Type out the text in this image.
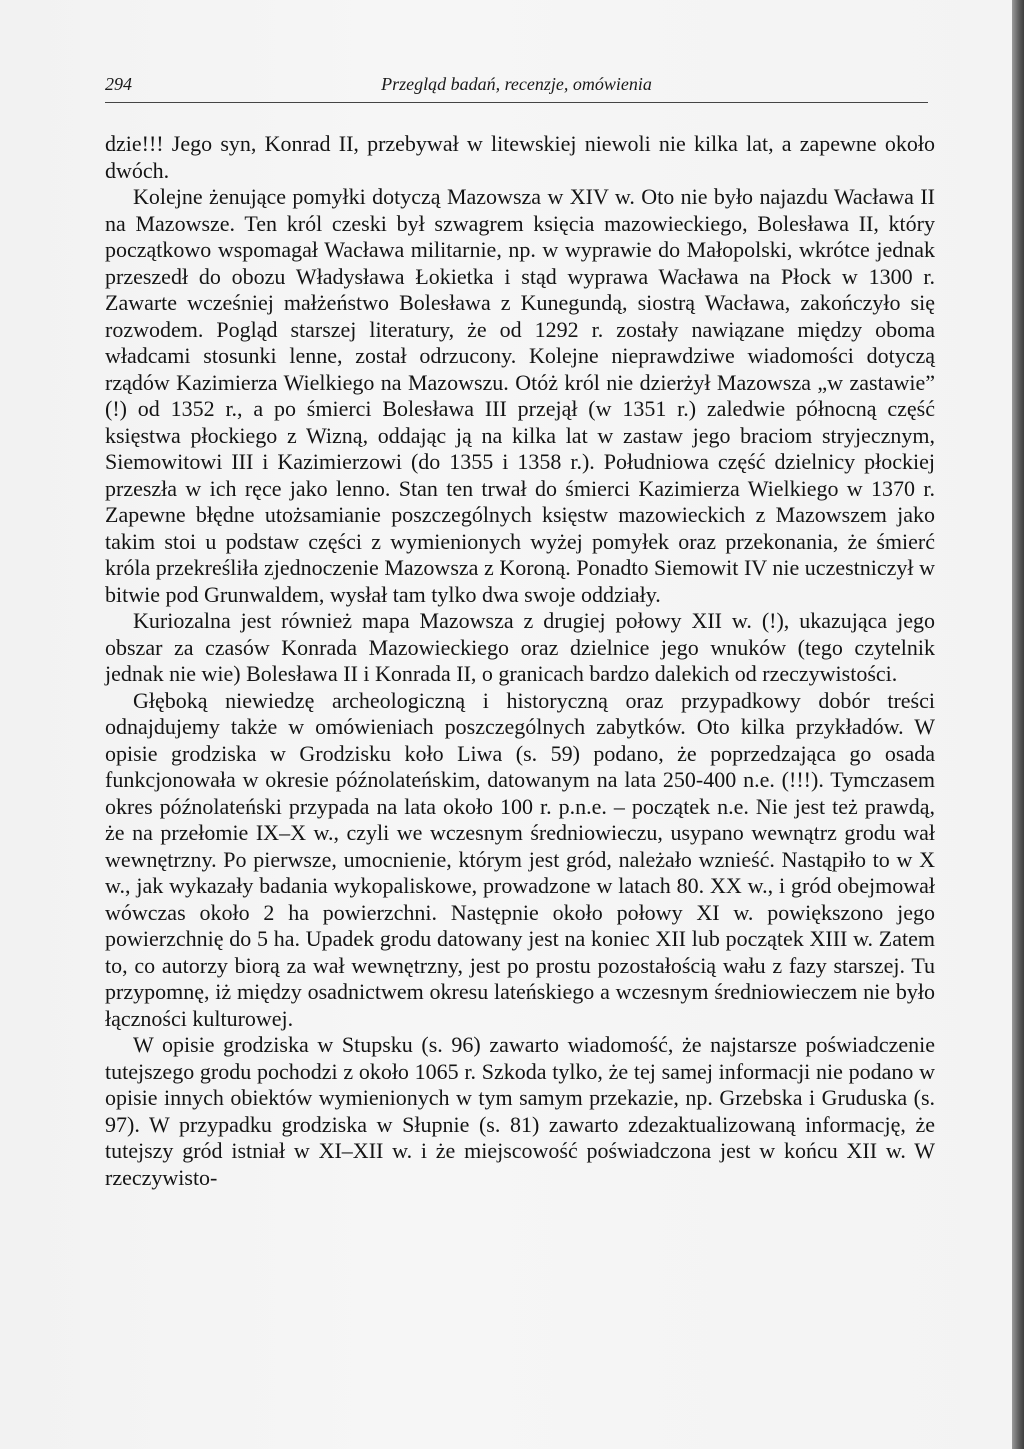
294	Przegląd badań, recenzje, omówienia

dzie!!! Jego syn, Konrad II, przebywał w litewskiej niewoli nie kilka lat, a zapewne około dwóch.

Kolejne żenujące pomyłki dotyczą Mazowsza w XIV w. Oto nie było najazdu Wacława II na Mazowsze. Ten król czeski był szwagrem księcia mazowieckiego, Bolesława II, który początkowo wspomagał Wacława militarnie, np. w wyprawie do Małopolski, wkrótce jednak przeszedł do obozu Władysława Łokietka i stąd wyprawa Wacława na Płock w 1300 r. Zawarte wcześniej małżeństwo Bolesława z Kunegundą, siostrą Wacława, zakończyło się rozwodem. Pogląd starszej literatury, że od 1292 r. zostały nawiązane między oboma władcami stosunki lenne, został odrzucony. Kolejne nieprawdziwe wiadomości dotyczą rządów Kazimierza Wielkiego na Mazowszu. Otóż król nie dzierżył Mazowsza „w zastawie” (!) od 1352 r., a po śmierci Bolesława III przejął (w 1351 r.) zaledwie północną część księstwa płockiego z Wizną, oddając ją na kilka lat w zastaw jego braciom stryjecznym, Siemowitowi III i Kazimierzowi (do 1355 i 1358 r.). Południowa część dzielnicy płockiej przeszła w ich ręce jako lenno. Stan ten trwał do śmierci Kazimierza Wielkiego w 1370 r. Zapewne błędne utożsamianie poszczególnych księstw mazowieckich z Mazowszem jako takim stoi u podstaw części z wymienionych wyżej pomyłek oraz przekonania, że śmierć króla przekreśliła zjednoczenie Mazowsza z Koroną. Ponadto Siemowit IV nie uczestniczył w bitwie pod Grunwaldem, wysłał tam tylko dwa swoje oddziały.

Kuriozalna jest również mapa Mazowsza z drugiej połowy XII w. (!), ukazująca jego obszar za czasów Konrada Mazowieckiego oraz dzielnice jego wnuków (tego czytelnik jednak nie wie) Bolesława II i Konrada II, o granicach bardzo dalekich od rzeczywistości.

Głęboką niewiedzę archeologiczną i historyczną oraz przypadkowy dobór treści odnajdujemy także w omówieniach poszczególnych zabytków. Oto kilka przykładów. W opisie grodziska w Grodzisku koło Liwa (s. 59) podano, że poprzedzająca go osada funkcjonowała w okresie późnolateńskim, datowanym na lata 250-400 n.e. (!!!). Tymczasem okres późnolateński przypada na lata około 100 r. p.n.e. – początek n.e. Nie jest też prawdą, że na przełomie IX–X w., czyli we wczesnym średniowieczu, usypano wewnątrz grodu wał wewnętrzny. Po pierwsze, umocnienie, którym jest gród, należało wznieść. Nastąpiło to w X w., jak wykazały badania wykopaliskowe, prowadzone w latach 80. XX w., i gród obejmował wówczas około 2 ha powierzchni. Następnie około połowy XI w. powiększono jego powierzchnię do 5 ha. Upadek grodu datowany jest na koniec XII lub początek XIII w. Zatem to, co autorzy biorą za wał wewnętrzny, jest po prostu pozostałością wału z fazy starszej. Tu przypomnę, iż między osadnictwem okresu lateńskiego a wczesnym średniowieczem nie było łączności kulturowej.

W opisie grodziska w Stupsku (s. 96) zawarto wiadomość, że najstarsze poświadczenie tutejszego grodu pochodzi z około 1065 r. Szkoda tylko, że tej samej informacji nie podano w opisie innych obiektów wymienionych w tym samym przekazie, np. Grzebska i Gruduska (s. 97). W przypadku grodziska w Słupnie (s. 81) zawarto zdezaktualizowaną informację, że tutejszy gród istniał w XI–XII w. i że miejscowość poświadczona jest w końcu XII w. W rzeczywisto-
